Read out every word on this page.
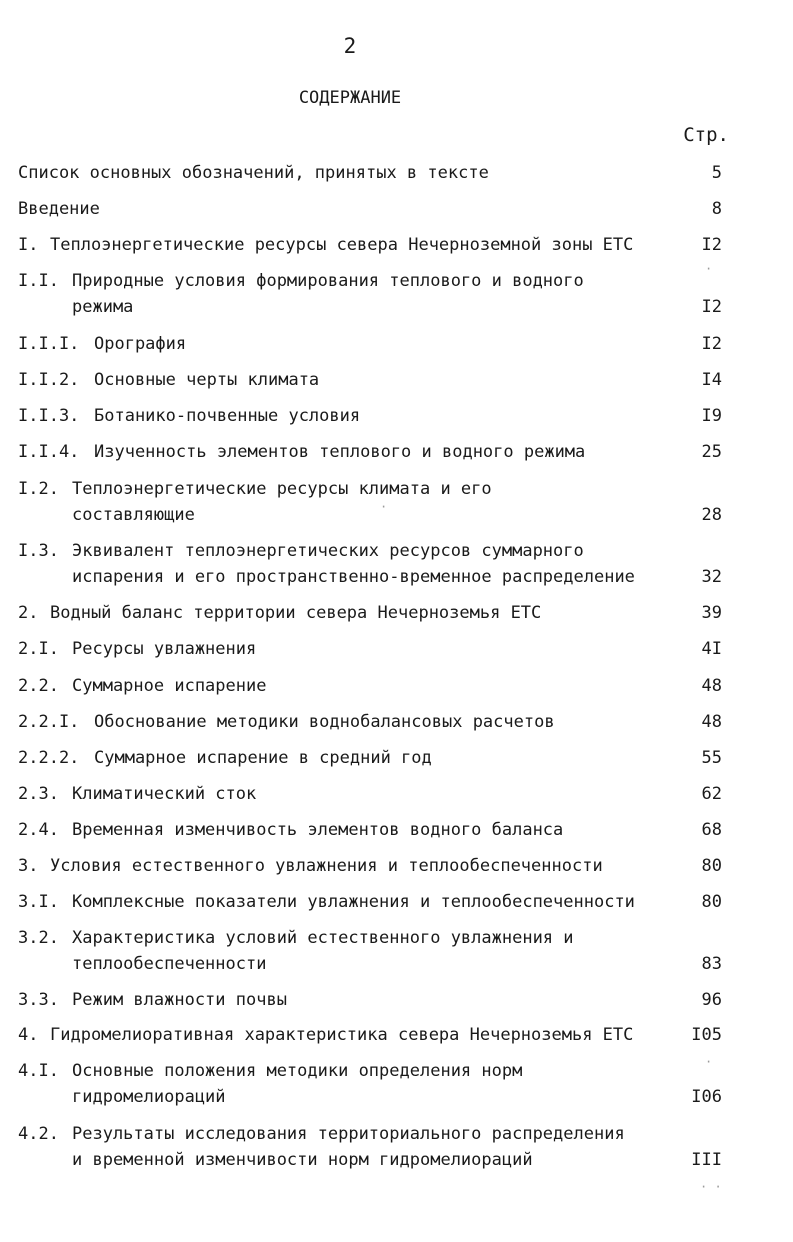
2
СОДЕРЖАНИЕ
Стр.
Список основных обозначений, принятых в тексте	5
Введение	8
I. Теплоэнергетические ресурсы севера Нечерноземной зоны ЕТС	I2
I.I. Природные условия формирования теплового и водного
режима	I2
I.I.I. Орография	I2
I.I.2. Основные черты климата	I4
I.I.3. Ботанико-почвенные условия	I9
I.I.4. Изученность элементов теплового и водного режима	25
I.2. Теплоэнергетические ресурсы климата и его
составляющие	28
I.3. Эквивалент теплоэнергетических ресурсов суммарного
испарения и его пространственно-временное распределение	32
2. Водный баланс территории севера Нечерноземья ЕТС	39
2.I. Ресурсы увлажнения	4I
2.2. Суммарное испарение	48
2.2.I. Обоснование методики воднобалансовых расчетов	48
2.2.2. Суммарное испарение в средний год	55
2.3. Климатический сток	62
2.4. Временная изменчивость элементов водного баланса	68
3. Условия естественного увлажнения и теплообеспеченности	80
3.I. Комплексные показатели увлажнения и теплообеспеченности	80
3.2. Характеристика условий естественного увлажнения и
теплообеспеченности	83
3.3. Режим влажности почвы	96
4. Гидромелиоративная характеристика севера Нечерноземья ЕТС	I05
4.I. Основные положения методики определения норм
гидромелиораций	I06
4.2. Результаты исследования территориального распределения
и временной изменчивости норм гидромелиораций	III
·
·
·
· ·
